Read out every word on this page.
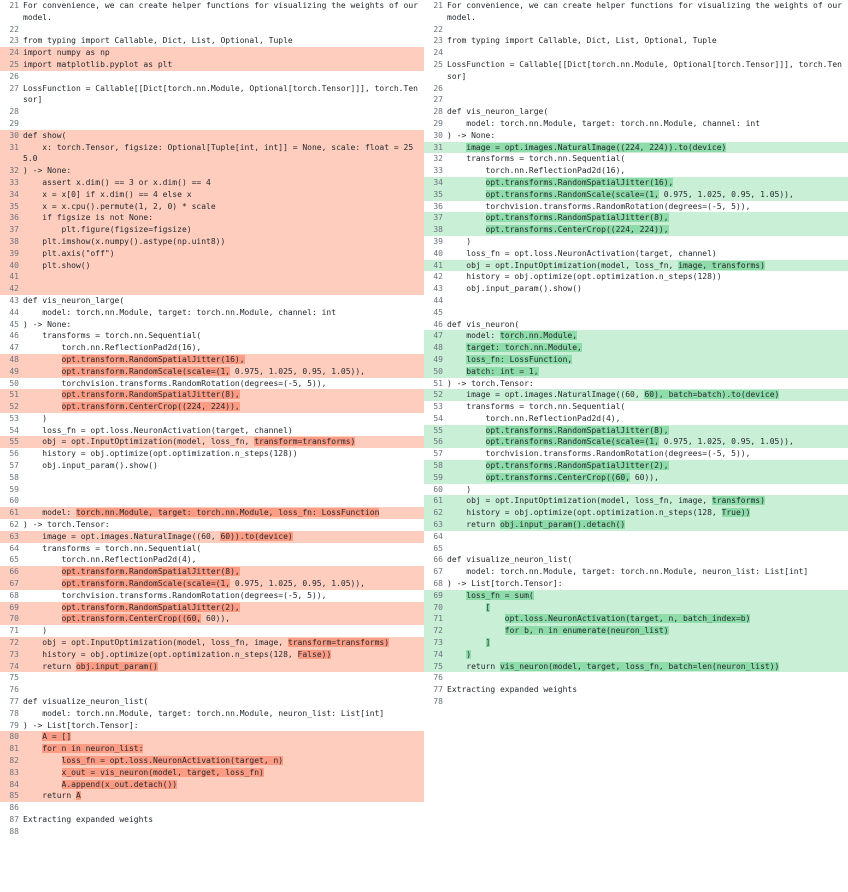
21 For convenience, we can create helper functions for visualizing the weights of our model.
22
23 from typing import Callable, Dict, List, Optional, Tuple
24 import numpy as np
25 import matplotlib.pyplot as plt
26
27 LossFunction = Callable[[Dict[torch.nn.Module, Optional[torch.Tensor]]], torch.Tensor]
28
29
30 def show(
31 x: torch.Tensor, figsize: Optional[Tuple[int, int]] = None, scale: float = 255.0
32 ) -> None:
33 assert x.dim() == 3 or x.dim() == 4
34 x = x[0] if x.dim() == 4 else x
35 x = x.cpu().permute(1, 2, 0) * scale
36 if figsize is not None:
37 plt.figure(figsize=figsize)
38 plt.imshow(x.numpy().astype(np.uint8))
39 plt.axis("off")
40 plt.show()
41
42
43 def vis_neuron_large(
44 model: torch.nn.Module, target: torch.nn.Module, channel: int
45 ) -> None:
46 transforms = torch.nn.Sequential(
47 torch.nn.ReflectionPad2d(16),
48	opt.transform.RandomSpatialJitter(16),
49	opt.transform.RandomScale(scale=(1, 0.975, 1.025, 0.95, 1.05)),
50 torchvision.transforms.RandomRotation(degrees=(-5, 5)),
51	opt.transform.RandomSpatialJitter(8),
52	opt.transform.CenterCrop((224, 224)),
53 )
54 loss_fn = opt.loss.NeuronActivation(target, channel)
55 obj = opt.InputOptimization(model, loss_fn, transform=transforms)
56 history = obj.optimize(opt.optimization.n_steps(128))
57 obj.input_param().show()
58
59
60
61 model: torch.nn.Module, target: torch.nn.Module, loss_fn: LossFunction
62 ) -> torch.Tensor:
63 image = opt.images.NaturalImage((60, 60)).to(device)
64 transforms = torch.nn.Sequential(
65 torch.nn.ReflectionPad2d(4),
66	opt.transform.RandomSpatialJitter(8),
67	opt.transform.RandomScale(scale=(1, 0.975, 1.025, 0.95, 1.05)),
68 torchvision.transforms.RandomRotation(degrees=(-5, 5)),
69	opt.transform.RandomSpatialJitter(2),
70	opt.transform.CenterCrop((60, 60)),
71 )
72 obj = opt.InputOptimization(model, loss_fn, image, transform=transforms)
73 history = obj.optimize(opt.optimization.n_steps(128, False))
74 return obj.input_param()
75
76
77 def visualize_neuron_list(
78 model: torch.nn.Module, target: torch.nn.Module, neuron_list: List[int]
79 ) -> List[torch.Tensor]:
80	A = []
81	for n in neuron_list:
82	loss_fn = opt.loss.NeuronActivation(target, n)
83	x_out = vis_neuron(model, target, loss_fn)
84	A.append(x_out.detach())
85 return A
86
87 Extracting expanded weights
88
21 For convenience, we can create helper functions for visualizing the weights of our model.
22
23 from typing import Callable, Dict, List, Optional, Tuple
24
25 LossFunction = Callable[[Dict[torch.nn.Module, Optional[torch.Tensor]]], torch.Tensor]
26
27
28 def vis_neuron_large(
29 model: torch.nn.Module, target: torch.nn.Module, channel: int
30 ) -> None:
31	image = opt.images.NaturalImage((224, 224)).to(device)
32 transforms = torch.nn.Sequential(
33 torch.nn.ReflectionPad2d(16),
34	opt.transforms.RandomSpatialJitter(16),
35	opt.transforms.RandomScale(scale=(1, 0.975, 1.025, 0.95, 1.05)),
36 torchvision.transforms.RandomRotation(degrees=(-5, 5)),
37	opt.transforms.RandomSpatialJitter(8),
38	opt.transforms.CenterCrop((224, 224)),
39 )
40 loss_fn = opt.loss.NeuronActivation(target, channel)
41 obj = opt.InputOptimization(model, loss_fn, image, transforms)
42 history = obj.optimize(opt.optimization.n_steps(128))
43 obj.input_param().show()
44
45
46 def vis_neuron(
47 model: torch.nn.Module,
48	target: torch.nn.Module,
49	loss_fn: LossFunction,
50	batch: int = 1,
51 ) -> torch.Tensor:
52 image = opt.images.NaturalImage((60, 60), batch=batch).to(device)
53 transforms = torch.nn.Sequential(
54 torch.nn.ReflectionPad2d(4),
55	opt.transforms.RandomSpatialJitter(8),
56	opt.transforms.RandomScale(scale=(1, 0.975, 1.025, 0.95, 1.05)),
57 torchvision.transforms.RandomRotation(degrees=(-5, 5)),
58	opt.transforms.RandomSpatialJitter(2),
59	opt.transforms.CenterCrop((60, 60)),
60 )
61 obj = opt.InputOptimization(model, loss_fn, image, transforms)
62 history = obj.optimize(opt.optimization.n_steps(128, True))
63 return obj.input_param().detach()
64
65
66 def visualize_neuron_list(
67 model: torch.nn.Module, target: torch.nn.Module, neuron_list: List[int]
68 ) -> List[torch.Tensor]:
69	loss_fn = sum(
70	[
71	opt.loss.NeuronActivation(target, n, batch_index=b)
72	for b, n in enumerate(neuron_list)
73	]
74	)
75 return vis_neuron(model, target, loss_fn, batch=len(neuron_list))
76
77 Extracting expanded weights
78
